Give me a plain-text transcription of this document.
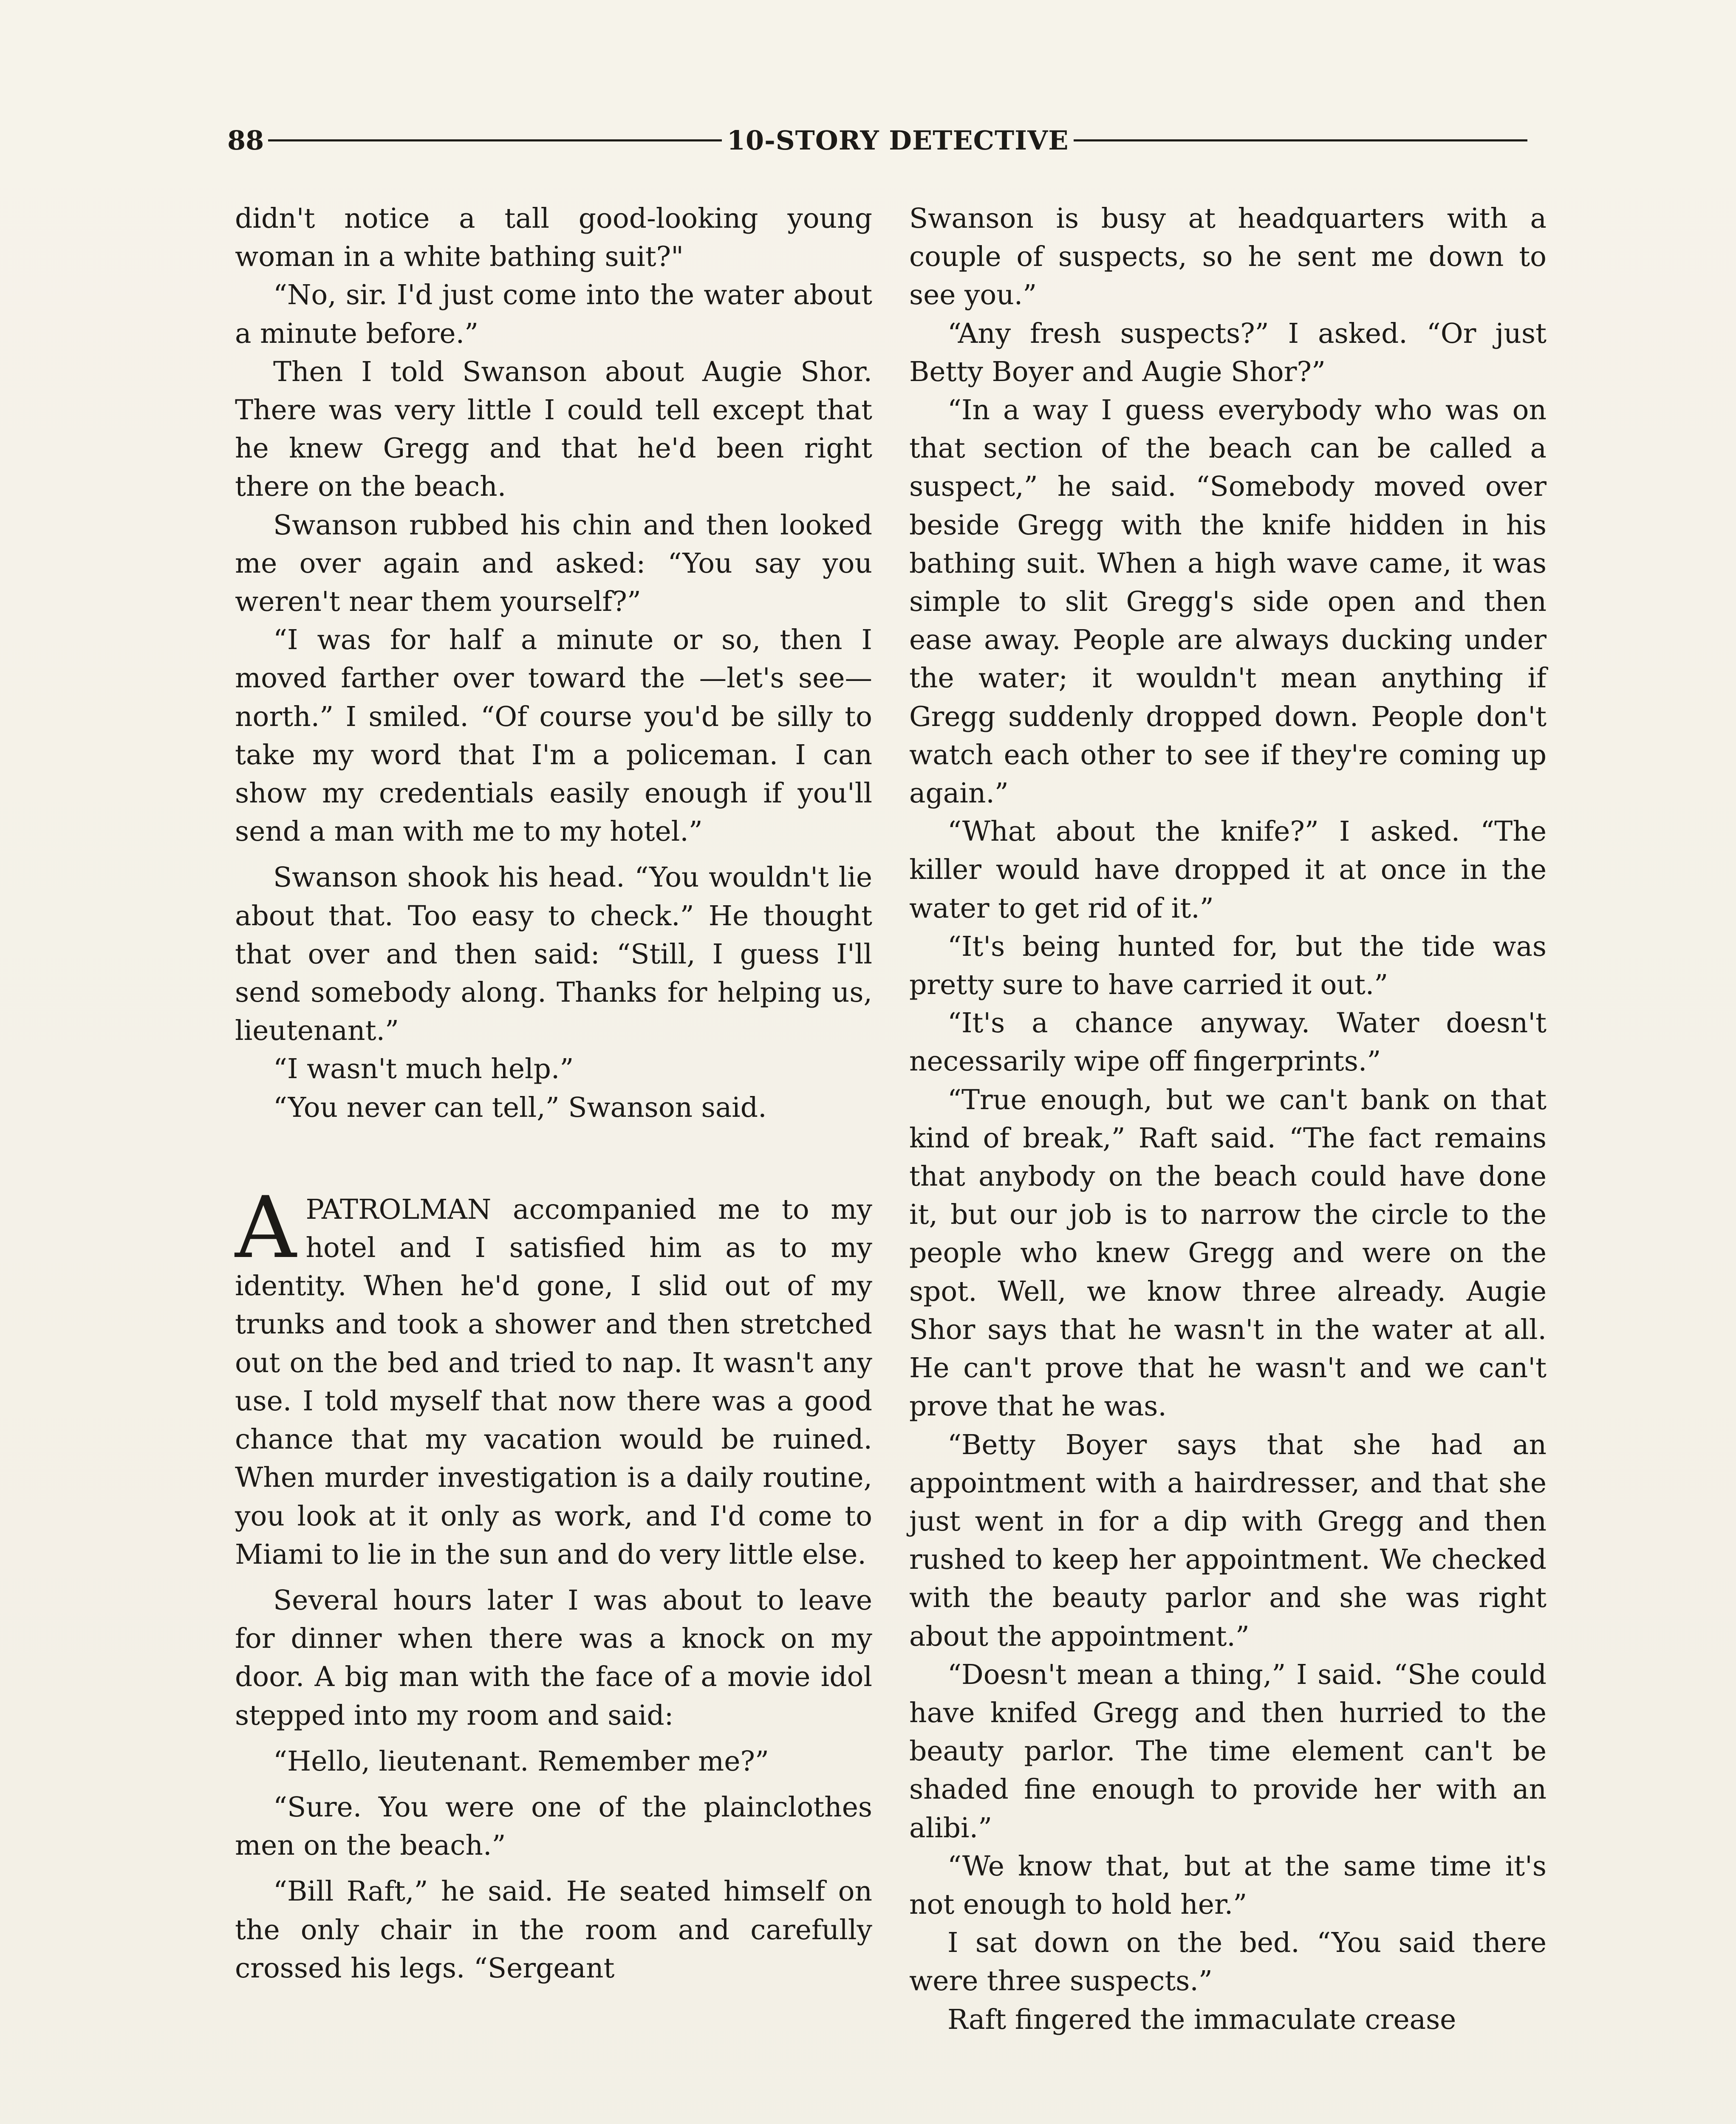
88	10-STORY DETECTIVE

didn't notice a tall good-looking young woman in a white bathing suit?"

“No, sir. I'd just come into the water about a minute before.”

Then I told Swanson about Augie Shor. There was very little I could tell except that he knew Gregg and that he'd been right there on the beach.

Swanson rubbed his chin and then looked me over again and asked: “You say you weren't near them yourself?”

“I was for half a minute or so, then I moved farther over toward the —let's see—north.” I smiled. “Of course you'd be silly to take my word that I'm a policeman. I can show my credentials easily enough if you'll send a man with me to my hotel.”

Swanson shook his head. “You wouldn't lie about that. Too easy to check.” He thought that over and then said: “Still, I guess I'll send somebody along. Thanks for helping us, lieutenant.”

“I wasn't much help.”

“You never can tell,” Swanson said.

A PATROLMAN accompanied me to my hotel and I satisfied him as to my identity. When he'd gone, I slid out of my trunks and took a shower and then stretched out on the bed and tried to nap. It wasn't any use. I told myself that now there was a good chance that my vacation would be ruined. When murder investigation is a daily routine, you look at it only as work, and I'd come to Miami to lie in the sun and do very little else.

Several hours later I was about to leave for dinner when there was a knock on my door. A big man with the face of a movie idol stepped into my room and said:

“Hello, lieutenant. Remember me?”

“Sure. You were one of the plainclothes men on the beach.”

“Bill Raft,” he said. He seated himself on the only chair in the room and carefully crossed his legs. “Sergeant

Swanson is busy at headquarters with a couple of suspects, so he sent me down to see you.”

“Any fresh suspects?” I asked. “Or just Betty Boyer and Augie Shor?”

“In a way I guess everybody who was on that section of the beach can be called a suspect,” he said. “Somebody moved over beside Gregg with the knife hidden in his bathing suit. When a high wave came, it was simple to slit Gregg's side open and then ease away. People are always ducking under the water; it wouldn't mean anything if Gregg suddenly dropped down. People don't watch each other to see if they're coming up again.”

“What about the knife?” I asked. “The killer would have dropped it at once in the water to get rid of it.”

“It's being hunted for, but the tide was pretty sure to have carried it out.”

“It's a chance anyway. Water doesn't necessarily wipe off fingerprints.”

“True enough, but we can't bank on that kind of break,” Raft said. “The fact remains that anybody on the beach could have done it, but our job is to narrow the circle to the people who knew Gregg and were on the spot. Well, we know three already. Augie Shor says that he wasn't in the water at all. He can't prove that he wasn't and we can't prove that he was.

“Betty Boyer says that she had an appointment with a hairdresser, and that she just went in for a dip with Gregg and then rushed to keep her appointment. We checked with the beauty parlor and she was right about the appointment.”

“Doesn't mean a thing,” I said. “She could have knifed Gregg and then hurried to the beauty parlor. The time element can't be shaded fine enough to provide her with an alibi.”

“We know that, but at the same time it's not enough to hold her.”

I sat down on the bed. “You said there were three suspects.”

Raft fingered the immaculate crease
